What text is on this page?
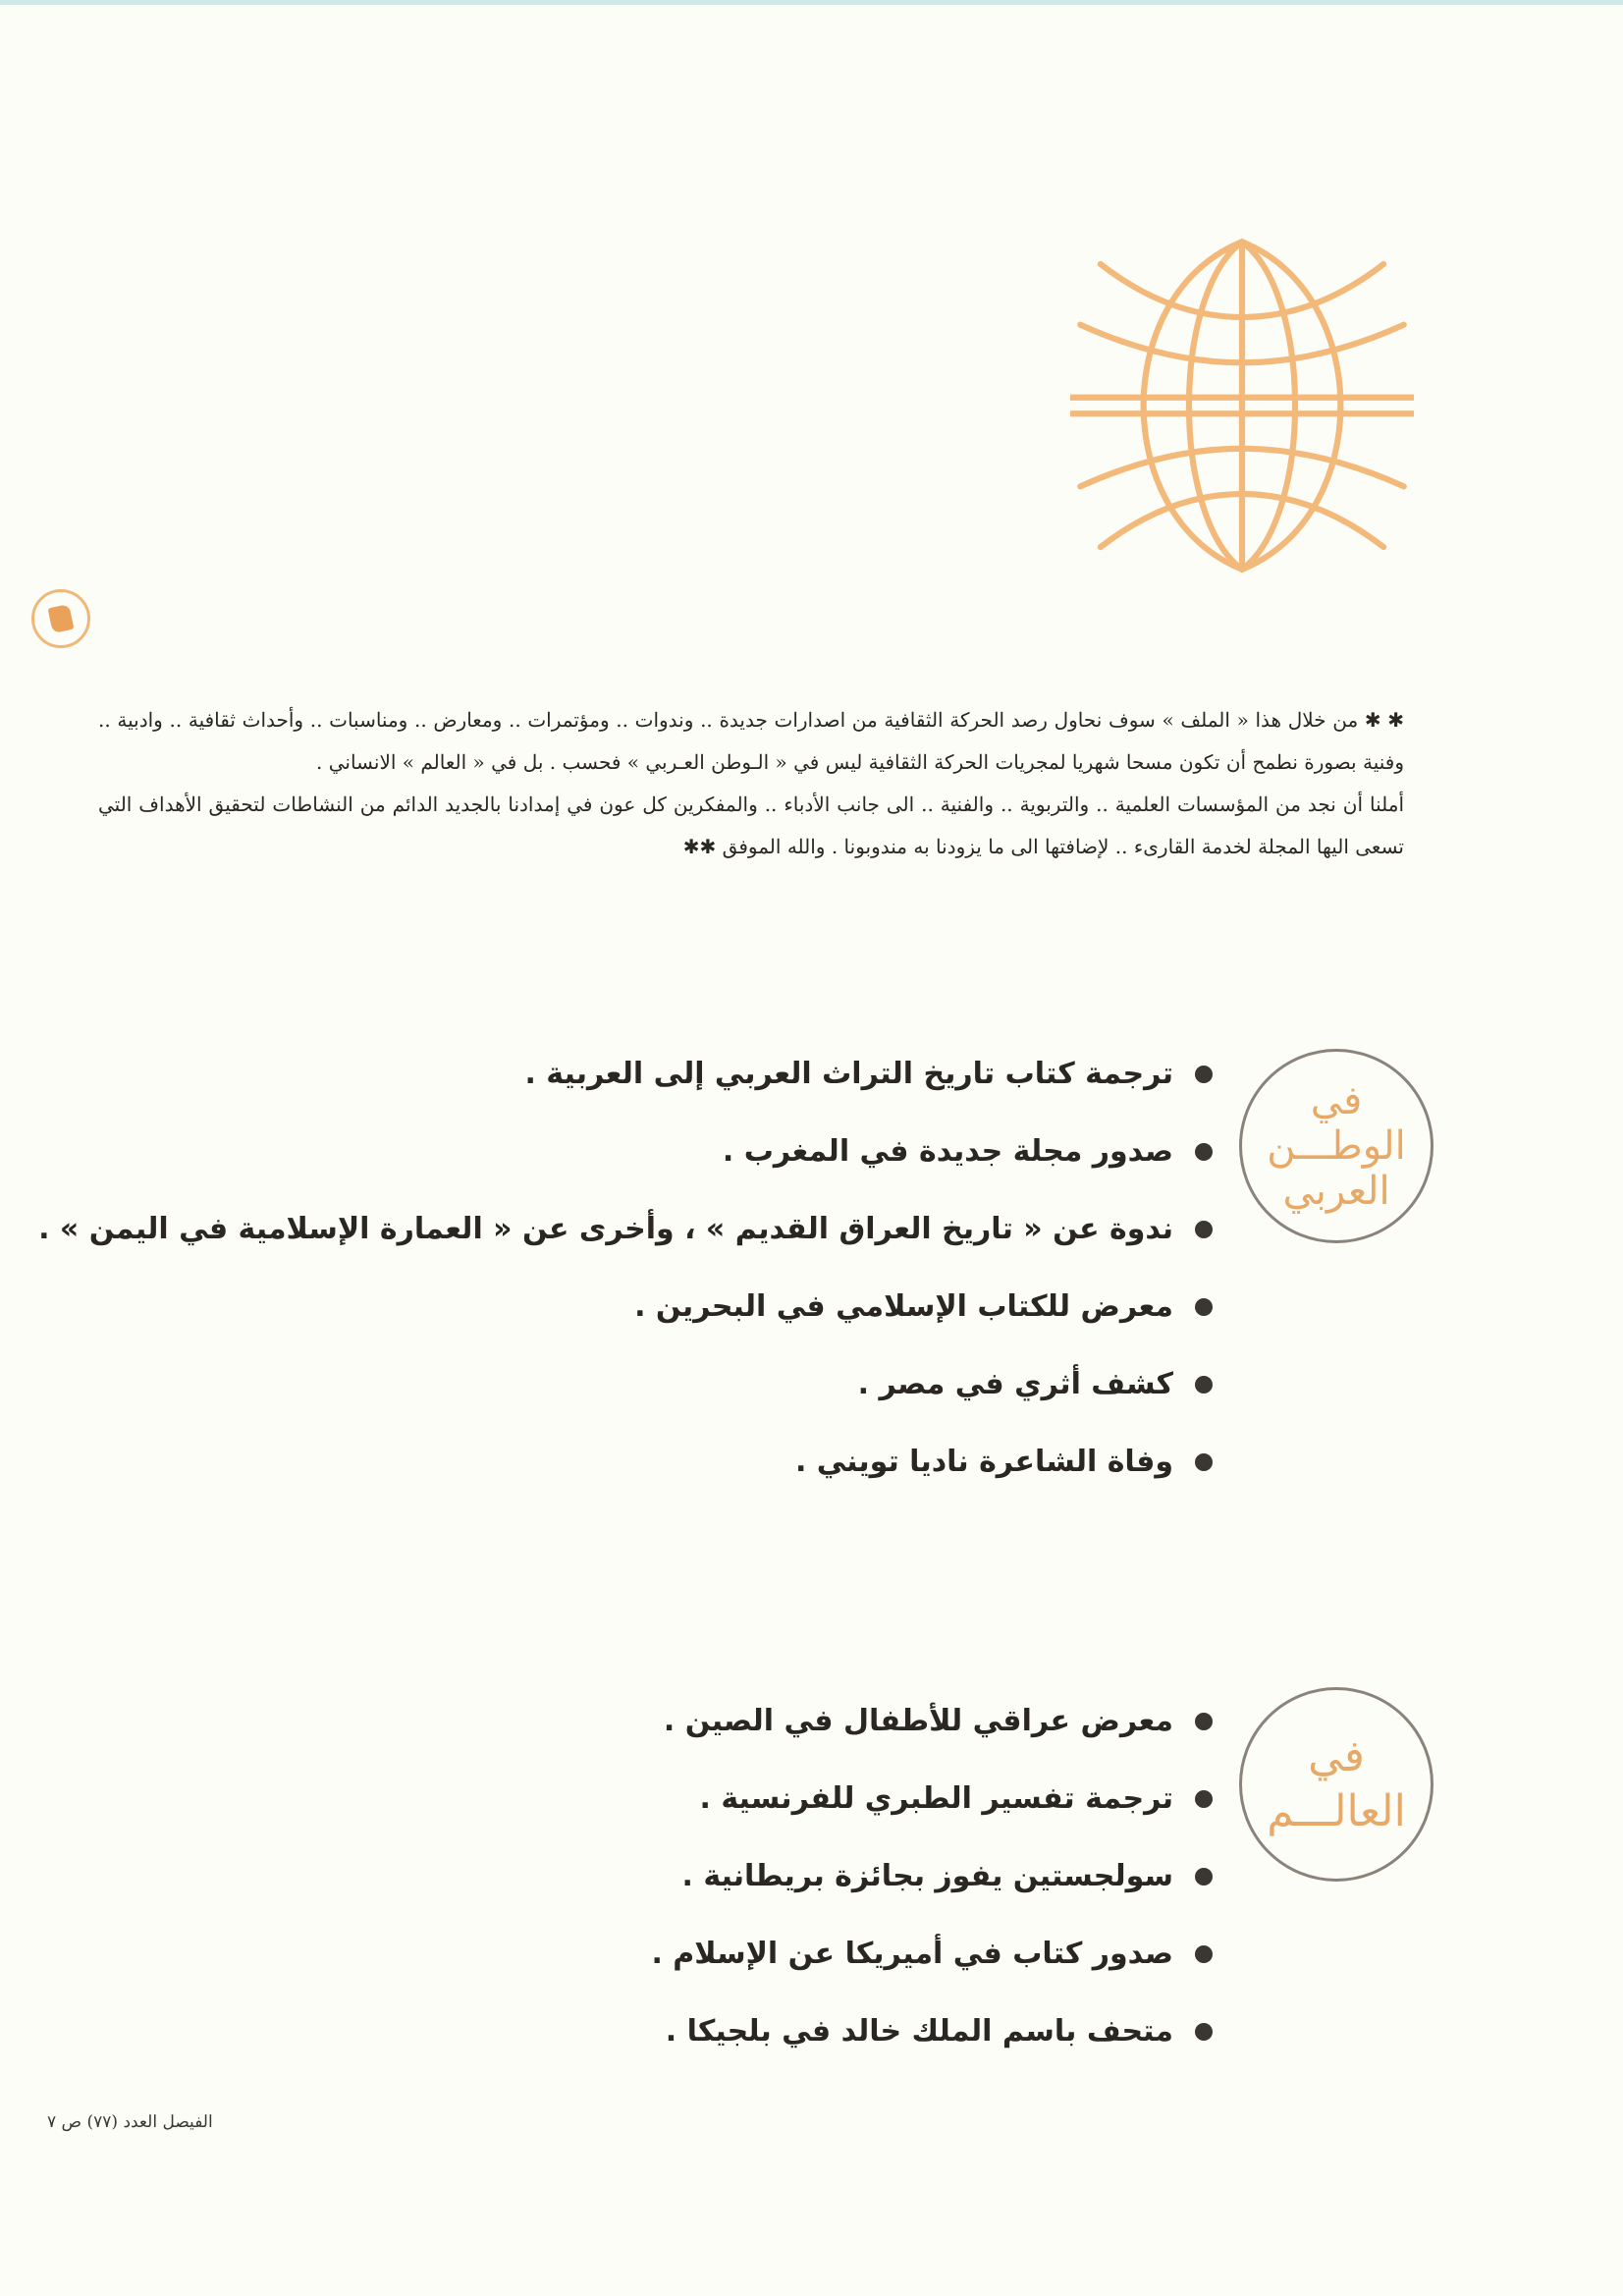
✱ ✱ من خلال هذا « الملف » سوف نحاول رصد الحركة الثقافية من اصدارات جديدة .. وندوات .. ومؤتمرات .. ومعارض .. ومناسبات .. وأحداث ثقافية .. وادبية .. وفنية بصورة نطمح أن تكون مسحا شهريا لمجريات الحركة الثقافية ليس في « الـوطن العـربي » فحسب . بل في « العالم » الانساني .

أملنا أن نجد من المؤسسات العلمية .. والتربوية .. والفنية .. الى جانب الأدباء .. والمفكرين كل عون في إمدادنا بالجديد الدائم من النشاطات لتحقيق الأهداف التي تسعى اليها المجلة لخدمة القارىء .. لإضافتها الى ما يزودنا به مندوبونا . والله الموفق ✱✱

في
الوطـــن
العربي
ترجمة كتاب تاريخ التراث العربي إلى العربية .
صدور مجلة جديدة في المغرب .
ندوة عن « تاريخ العراق القديم » ، وأخرى عن « العمارة الإسلامية في اليمن » .
معرض للكتاب الإسلامي في البحرين .
كشف أثري في مصر .
وفاة الشاعرة ناديا تويني .
في
العالـــم
معرض عراقي للأطفال في الصين .
ترجمة تفسير الطبري للفرنسية .
سولجستين يفوز بجائزة بريطانية .
صدور كتاب في أميريكا عن الإسلام .
متحف باسم الملك خالد في بلجيكا .
الفيصل العدد (٧٧) ص ٧
